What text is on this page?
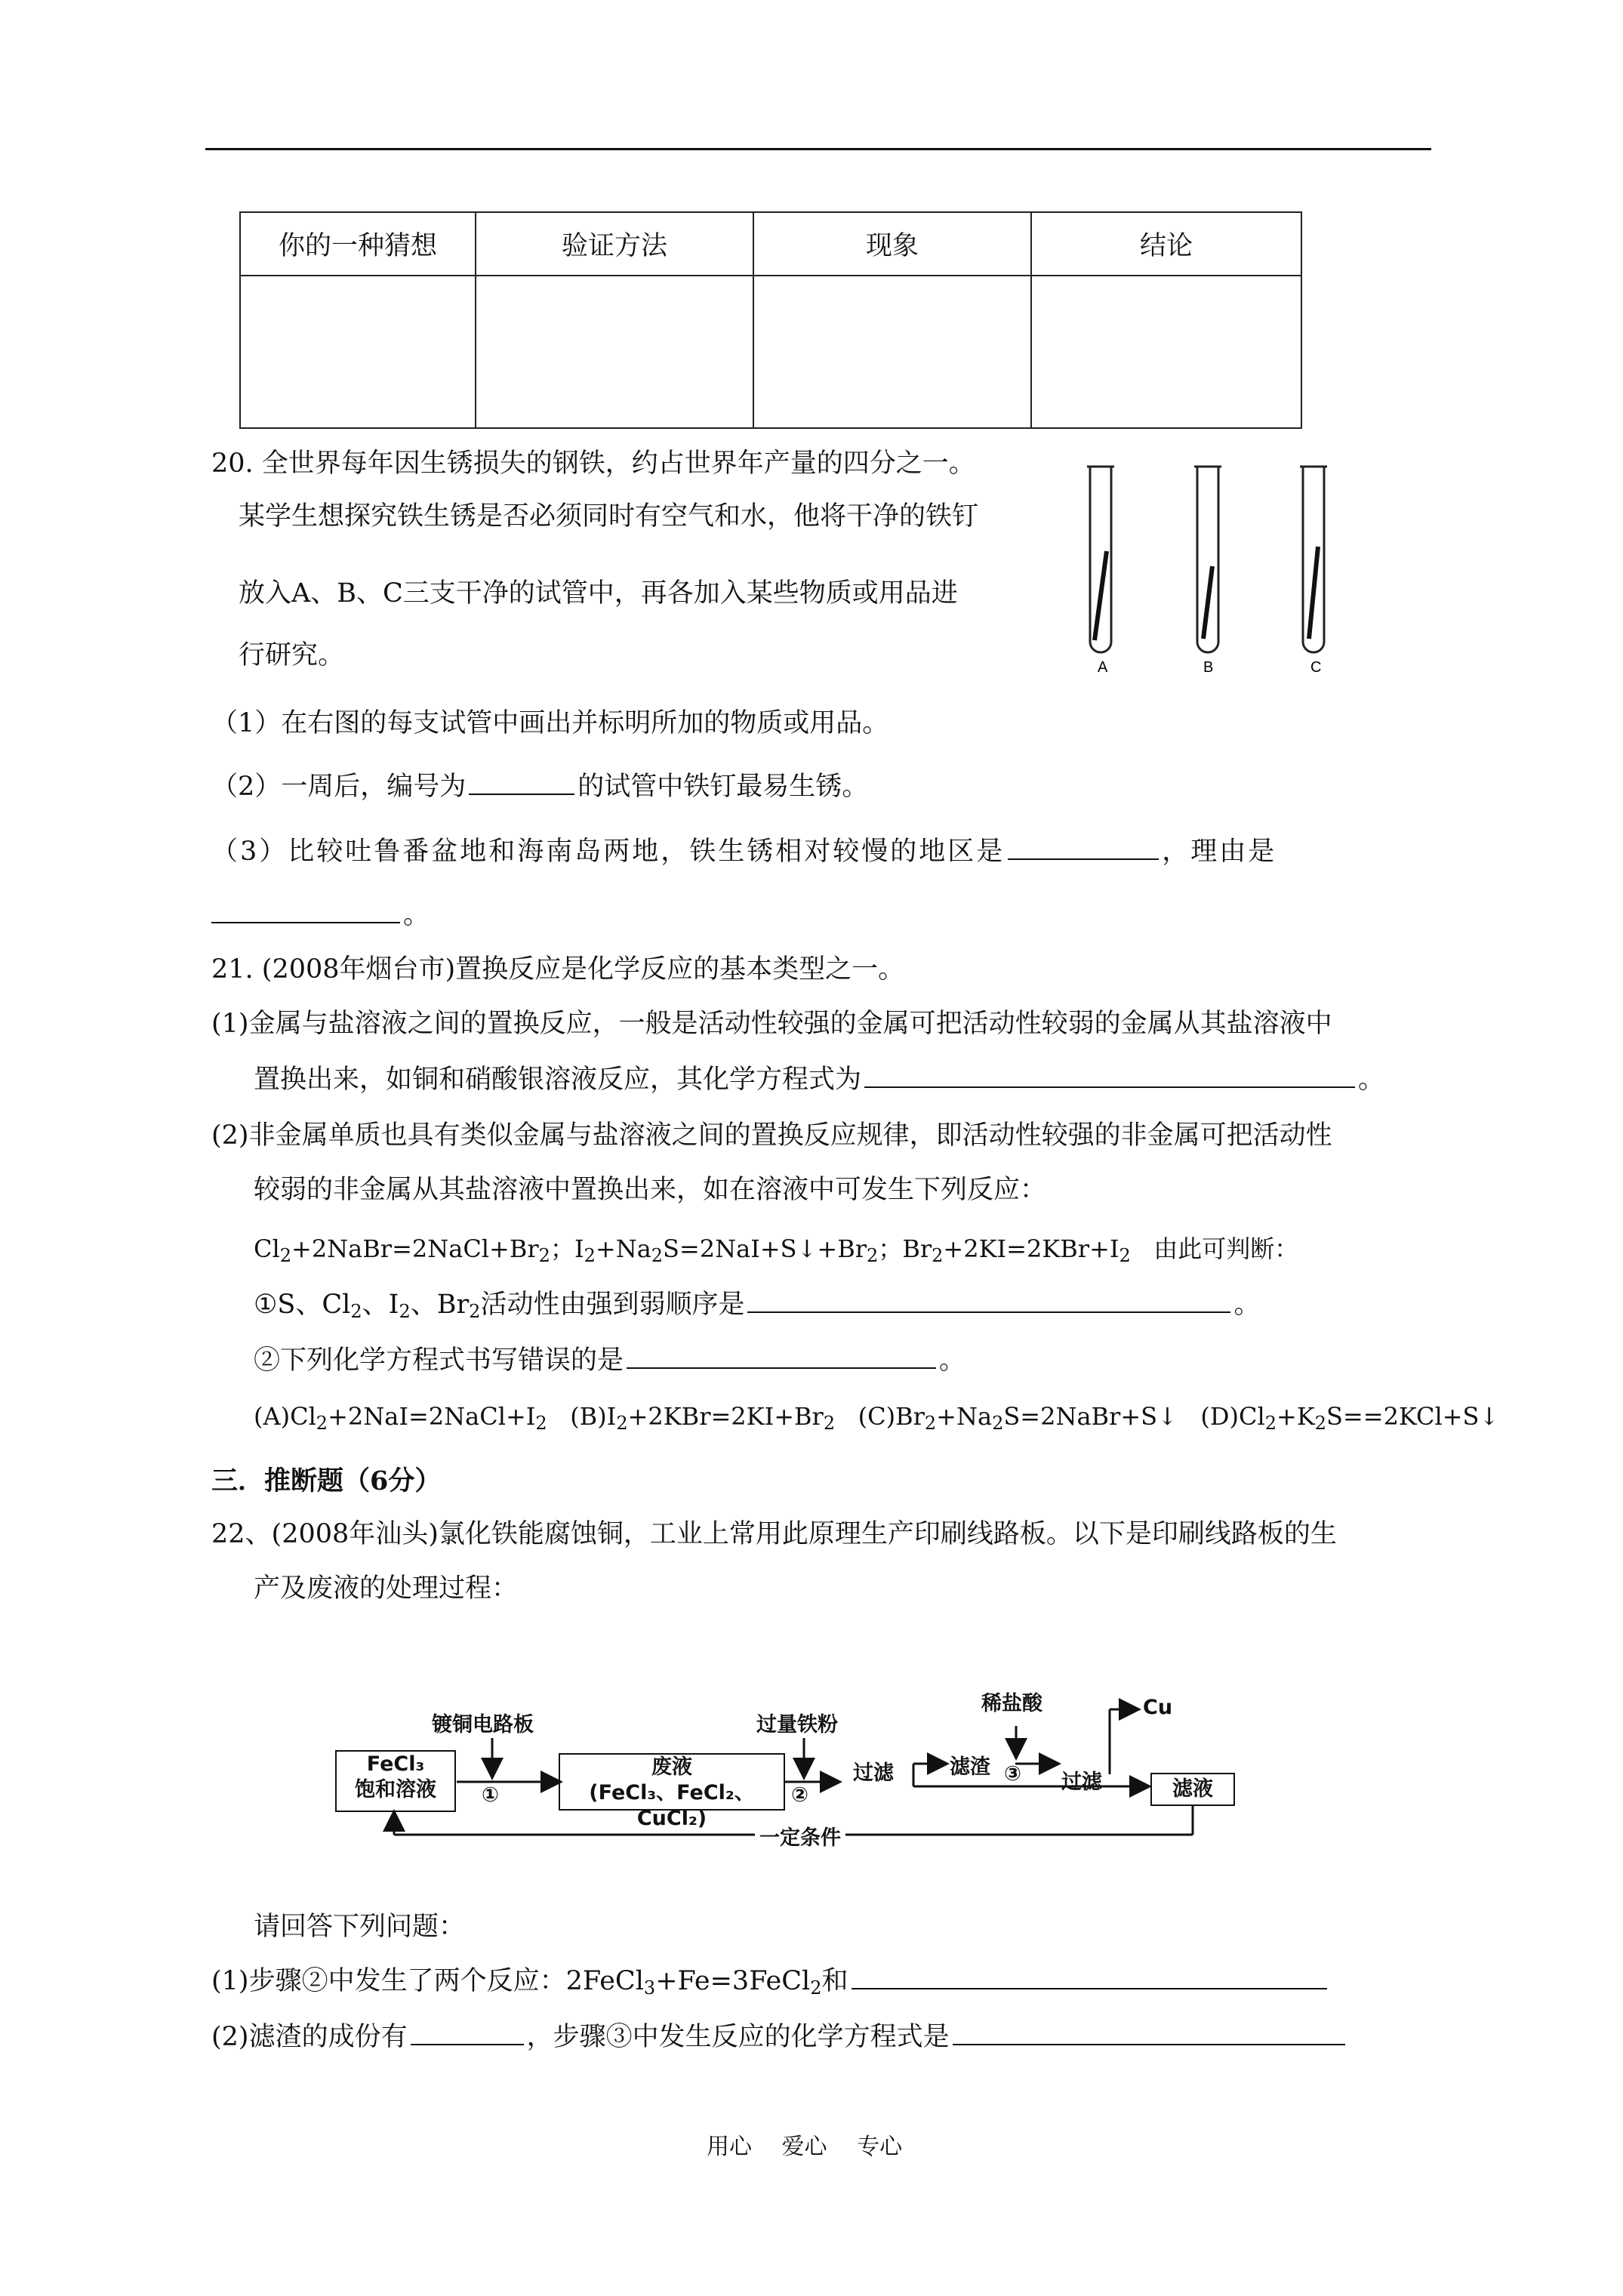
你的一种猜想	验证方法	现象	结论

20. 全世界每年因生锈损失的钢铁，约占世界年产量的四分之一。
某学生想探究铁生锈是否必须同时有空气和水，他将干净的铁钉
放入A、B、C三支干净的试管中，再各加入某些物质或用品进
行研究。	A	B	C
（1）在右图的每支试管中画出并标明所加的物质或用品。
（2）一周后，编号为	的试管中铁钉最易生锈。
（3）比较吐鲁番盆地和海南岛两地，铁生锈相对较慢的地区是	，理由是
。
21. (2008年烟台市)置换反应是化学反应的基本类型之一。
(1)金属与盐溶液之间的置换反应，一般是活动性较强的金属可把活动性较弱的金属从其盐溶液中
置换出来，如铜和硝酸银溶液反应，其化学方程式为	。
(2)非金属单质也具有类似金属与盐溶液之间的置换反应规律，即活动性较强的非金属可把活动性
较弱的非金属从其盐溶液中置换出来，如在溶液中可发生下列反应：
$Cl_2+2NaBr=2NaCl+Br_2$；$I_2+Na_2S=2NaI+S↓+Br_2$；$Br_2+2KI=2KBr+I_2$ 由此可判断：
①S、$Cl_2$、$I_2$、$Br_2$活动性由强到弱顺序是	。
②下列化学方程式书写错误的是	。
$(A)Cl_2+2NaI=2NaCl+I_2$   $(B)I_2+2KBr=2KI+Br_2$   $(C)Br_2+Na_2S=2NaBr+S↓$   $(D)Cl_2+K_2S==2KCl+S↓$
三．推断题（6分）
22、(2008年汕头)氯化铁能腐蚀铜，工业上常用此原理生产印刷线路板。以下是印刷线路板的生
产及废液的处理过程：
FeCl₃
饱和溶液	①
镀铜电路板
废液
(FeCl₃、FeCl₂、CuCl₂)
②
过量铁粉
过滤	滤渣 ③
稀盐酸
过滤
Cu
滤液
一定条件
请回答下列问题：
(1)步骤②中发生了两个反应：2FeCl$_3$+Fe=3FeCl$_2$和
(2)滤渣的成份有	，步骤③中发生反应的化学方程式是
用心　 爱心　 专心
